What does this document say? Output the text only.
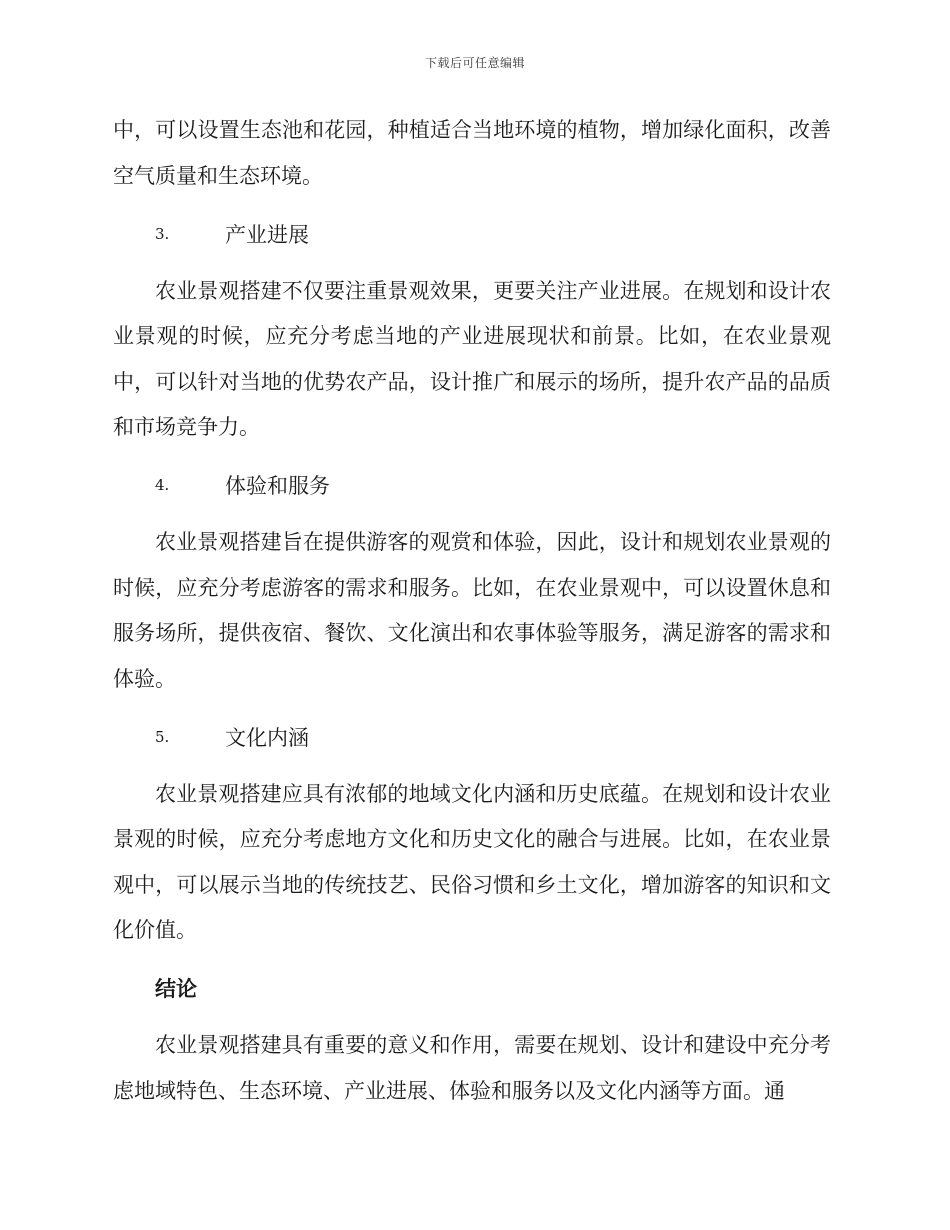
下载后可任意编辑

中，可以设置生态池和花园，种植适合当地环境的植物，增加绿化面积，改善空气质量和生态环境。

3.	产业进展

农业景观搭建不仅要注重景观效果，更要关注产业进展。在规划和设计农业景观的时候，应充分考虑当地的产业进展现状和前景。比如，在农业景观中，可以针对当地的优势农产品，设计推广和展示的场所，提升农产品的品质和市场竞争力。

4.	体验和服务

农业景观搭建旨在提供游客的观赏和体验，因此，设计和规划农业景观的时候，应充分考虑游客的需求和服务。比如，在农业景观中，可以设置休息和服务场所，提供夜宿、餐饮、文化演出和农事体验等服务，满足游客的需求和体验。

5.	文化内涵

农业景观搭建应具有浓郁的地域文化内涵和历史底蕴。在规划和设计农业景观的时候，应充分考虑地方文化和历史文化的融合与进展。比如，在农业景观中，可以展示当地的传统技艺、民俗习惯和乡土文化，增加游客的知识和文化价值。

结论

农业景观搭建具有重要的意义和作用，需要在规划、设计和建设中充分考虑地域特色、生态环境、产业进展、体验和服务以及文化内涵等方面。通
